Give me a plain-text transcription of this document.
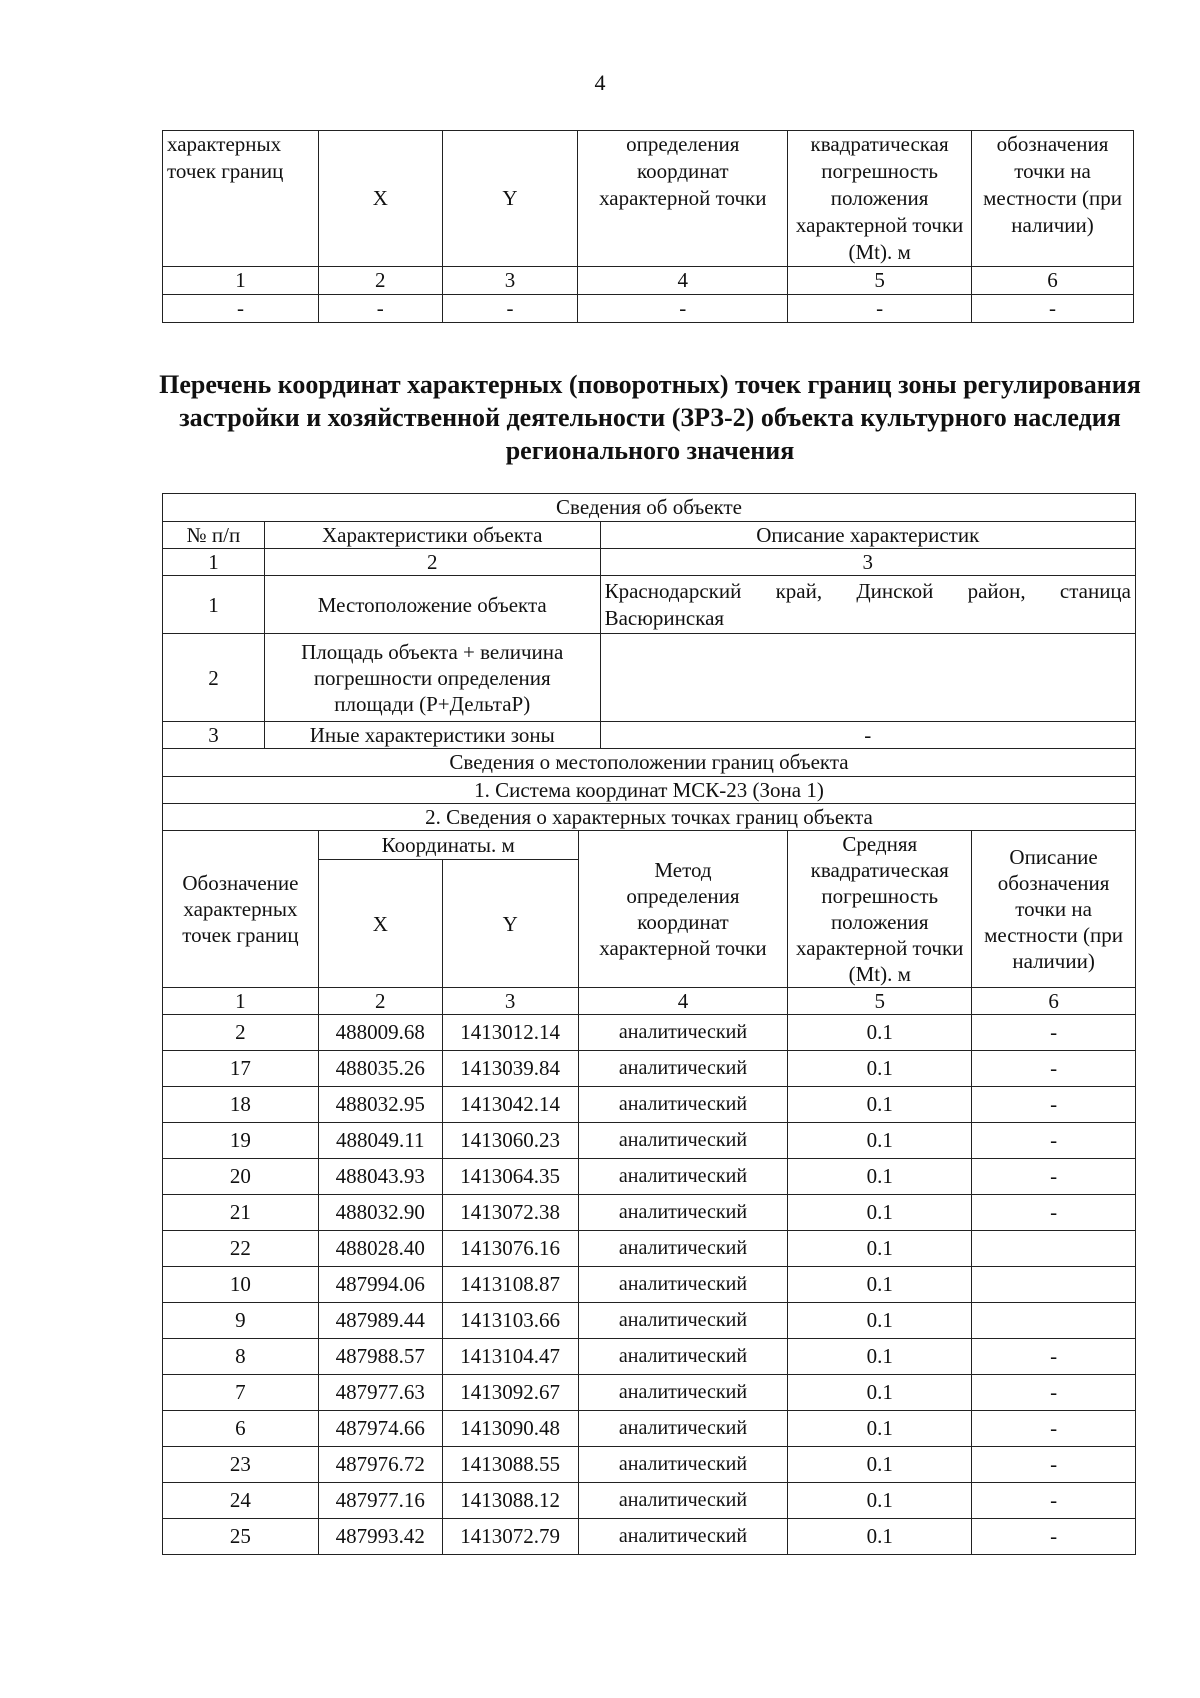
4
характерных точек границ	X	Y	определения координат характерной точки	квадратическая погрешность положения характерной точки (Mt). м	обозначения точки на местности (при наличии)
1	2	3	4	5	6
-	-	-	-	-	-
Перечень координат характерных (поворотных) точек границ зоны регулирования застройки и хозяйственной деятельности (ЗРЗ-2) объекта культурного наследия регионального значения
Сведения об объекте							
№ п/п	Характеристики объекта				Описание характеристик		
1	2				3		
1	Местоположение объекта				Краснодарский край, Динской район, станица Васюринская		
2	Площадь объекта + величина погрешности определения площади (Р+ДельтаР)						
3	Иные характеристики зоны				-		
Сведения о местоположении границ объекта							
1. Система координат МСК-23 (Зона 1)							
2. Сведения о характерных точках границ объекта							
Обозначение характерных точек границ		Координаты. м		Метод определения координат характерной точки		Средняя квадратическая погрешность положения характерной точки (Mt). м	Описание обозначения точки на местности (при наличии)
		X	Y				
1		2	3	4		5	6
2		488009.68	1413012.14	аналитический		0.1	-
17		488035.26	1413039.84	аналитический		0.1	-
18		488032.95	1413042.14	аналитический		0.1	-
19		488049.11	1413060.23	аналитический		0.1	-
20		488043.93	1413064.35	аналитический		0.1	-
21		488032.90	1413072.38	аналитический		0.1	-
22		488028.40	1413076.16	аналитический		0.1	
10		487994.06	1413108.87	аналитический		0.1	
9		487989.44	1413103.66	аналитический		0.1	
8		487988.57	1413104.47	аналитический		0.1	-
7		487977.63	1413092.67	аналитический		0.1	-
6		487974.66	1413090.48	аналитический		0.1	-
23		487976.72	1413088.55	аналитический		0.1	-
24		487977.16	1413088.12	аналитический		0.1	-
25		487993.42	1413072.79	аналитический		0.1	-
